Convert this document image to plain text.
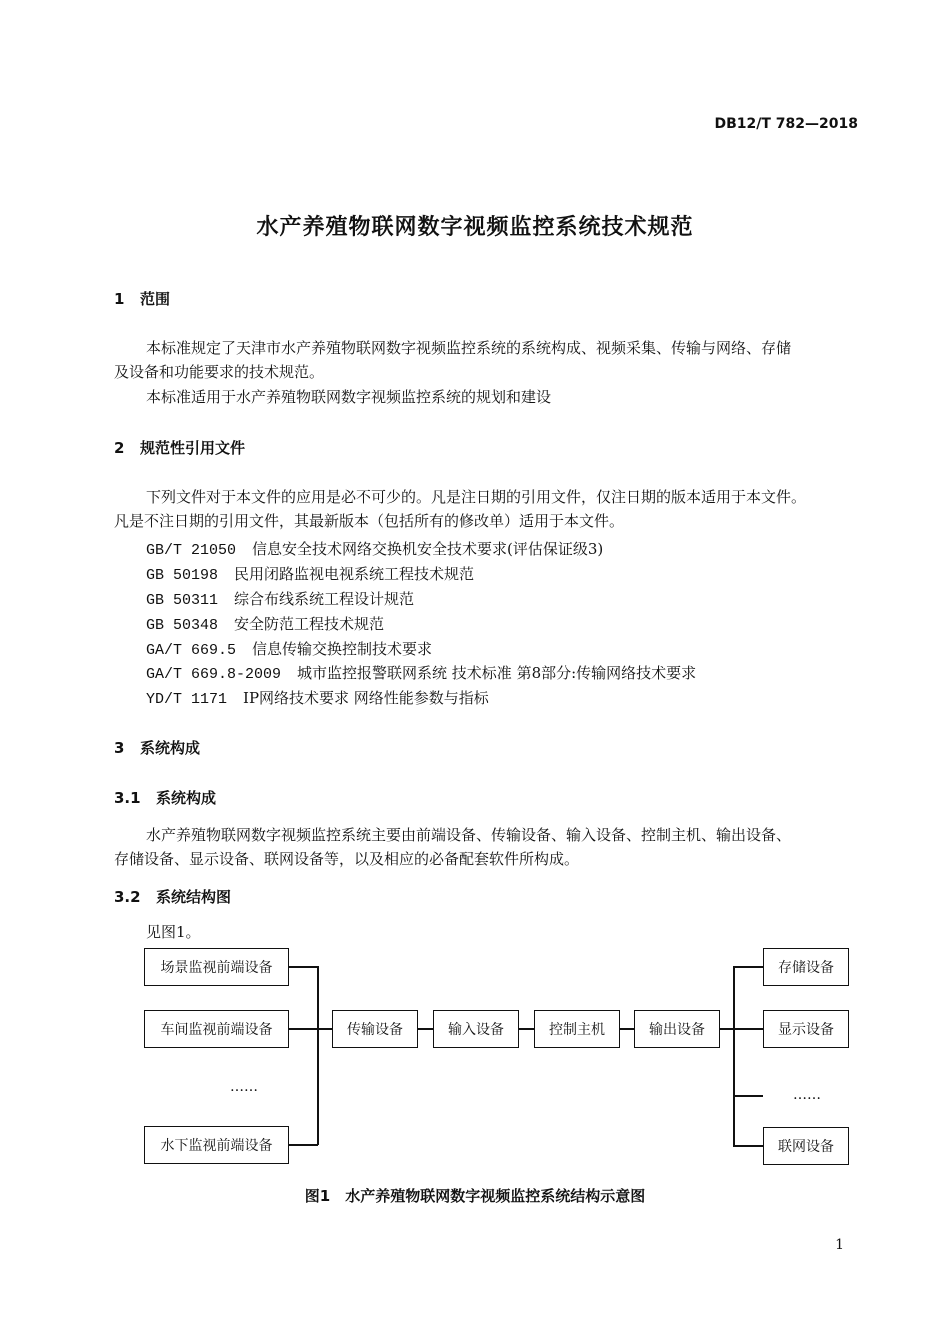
DB12/T 782—2018
水产养殖物联网数字视频监控系统技术规范
1 范围
本标准规定了天津市水产养殖物联网数字视频监控系统的系统构成、视频采集、传输与网络、存储
及设备和功能要求的技术规范。
本标准适用于水产养殖物联网数字视频监控系统的规划和建设
2 规范性引用文件
下列文件对于本文件的应用是必不可少的。凡是注日期的引用文件，仅注日期的版本适用于本文件。
凡是不注日期的引用文件，其最新版本（包括所有的修改单）适用于本文件。
GB/T 21050 信息安全技术网络交换机安全技术要求(评估保证级3)
GB 50198 民用闭路监视电视系统工程技术规范
GB 50311 综合布线系统工程设计规范
GB 50348 安全防范工程技术规范
GA/T 669.5 信息传输交换控制技术要求
GA/T 669.8-2009 城市监控报警联网系统 技术标准 第8部分:传输网络技术要求
YD/T 1171 IP网络技术要求 网络性能参数与指标
3 系统构成
3.1 系统构成
水产养殖物联网数字视频监控系统主要由前端设备、传输设备、输入设备、控制主机、输出设备、
存储设备、显示设备、联网设备等，以及相应的必备配套软件所构成。
3.2 系统结构图
见图1。
场景监视前端设备
车间监视前端设备
……
水下监视前端设备
传输设备	输入设备	控制主机	输出设备
存储设备
显示设备
……
联网设备
图1　水产养殖物联网数字视频监控系统结构示意图
1
